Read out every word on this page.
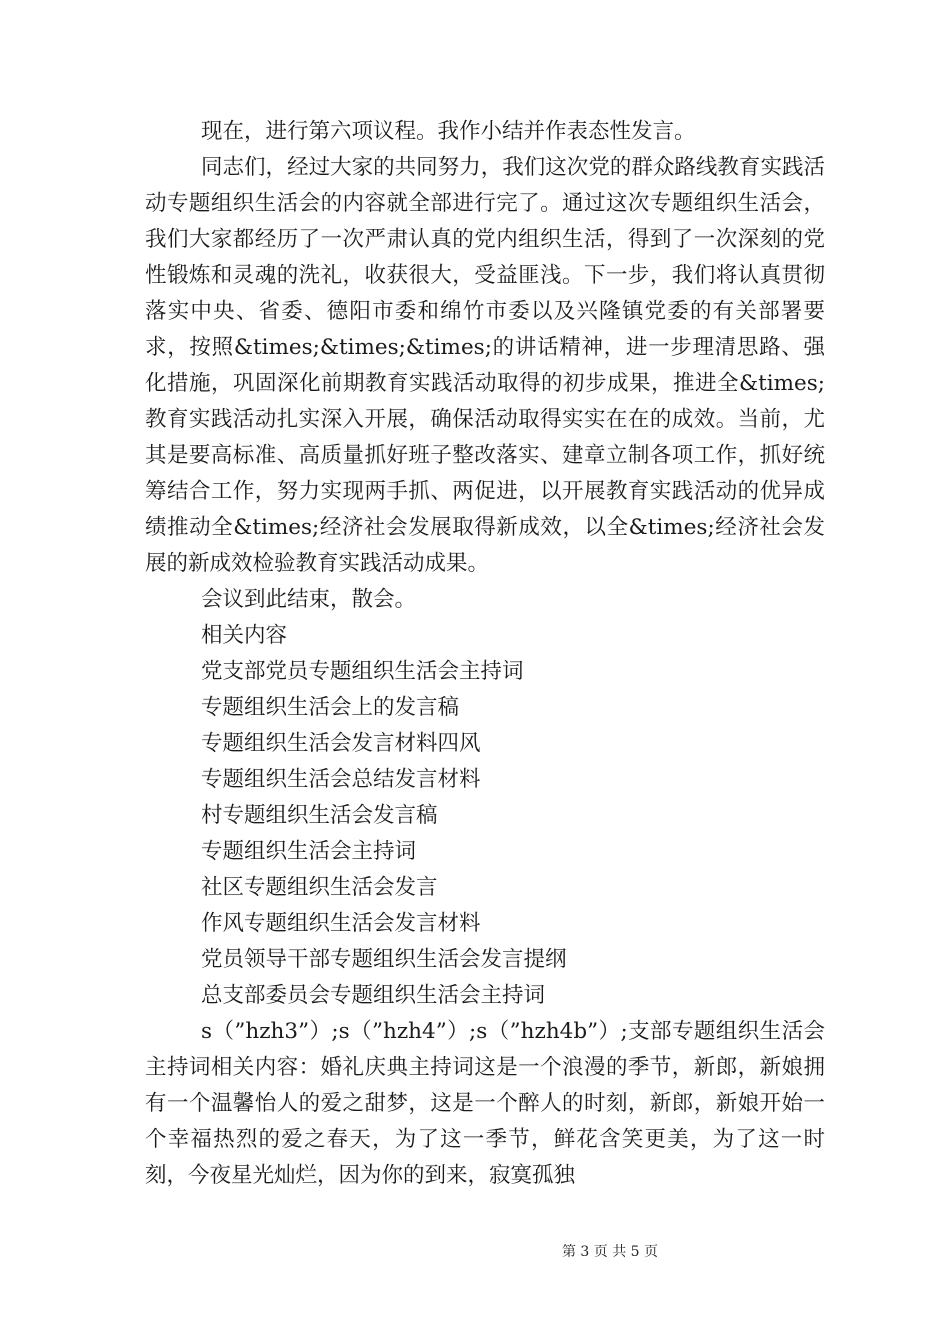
现在，进行第六项议程。我作小结并作表态性发言。

同志们，经过大家的共同努力，我们这次党的群众路线教育实践活动专题组织生活会的内容就全部进行完了。通过这次专题组织生活会，我们大家都经历了一次严肃认真的党内组织生活，得到了一次深刻的党性锻炼和灵魂的洗礼，收获很大，受益匪浅。下一步，我们将认真贯彻落实中央、省委、德阳市委和绵竹市委以及兴隆镇党委的有关部署要求，按照&times;&times;&times;的讲话精神，进一步理清思路、强化措施，巩固深化前期教育实践活动取得的初步成果，推进全&times;教育实践活动扎实深入开展，确保活动取得实实在在的成效。当前，尤其是要高标准、高质量抓好班子整改落实、建章立制各项工作，抓好统筹结合工作，努力实现两手抓、两促进，以开展教育实践活动的优异成绩推动全&times;经济社会发展取得新成效，以全&times;经济社会发展的新成效检验教育实践活动成果。

会议到此结束，散会。

相关内容

党支部党员专题组织生活会主持词

专题组织生活会上的发言稿

专题组织生活会发言材料四风

专题组织生活会总结发言材料

村专题组织生活会发言稿

专题组织生活会主持词

社区专题组织生活会发言

作风专题组织生活会发言材料

党员领导干部专题组织生活会发言提纲

总支部委员会专题组织生活会主持词

s（”hzh3”）;s（”hzh4”）;s（”hzh4b”）;支部专题组织生活会主持词相关内容：婚礼庆典主持词这是一个浪漫的季节，新郎，新娘拥有一个温馨怡人的爱之甜梦，这是一个醉人的时刻，新郎，新娘开始一个幸福热烈的爱之春天，为了这一季节，鲜花含笑更美，为了这一时刻，今夜星光灿烂，因为你的到来，寂寞孤独

第 3 页 共 5 页
